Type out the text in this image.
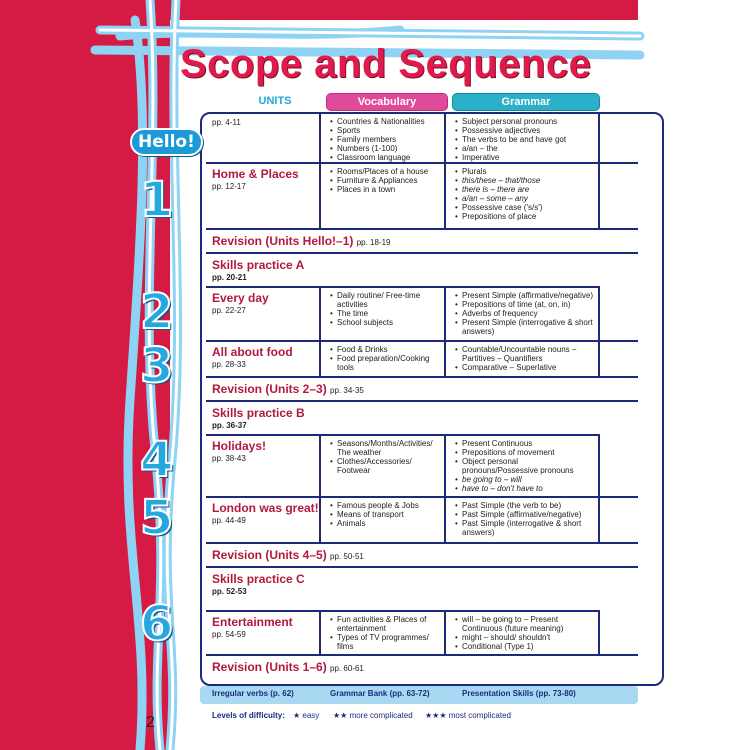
Scope and Sequence
UNITS	Vocabulary	Grammar
pp. 4-11
•	Countries & Nationalities
• Sports
• Family members
• Numbers (1-100)
• Classroom language
• Subject personal pronouns
• Possessive adjectives
• The verbs to be and have got
• a/an – the
• Imperative
Home & Places
pp. 12-17
• Rooms/Places of a house
• Furniture & Appliances
• Places in a town
• Plurals
• this/these – that/those
• there is – there are
• a/an – some – any
• Possessive case ('s/s')
• Prepositions of place
Revision (Units Hello!–1) pp. 18-19
Skills practice A
pp. 20-21
Every day
pp. 22-27
• Daily routine/ Free-time activities
• The time
• School subjects
• Present Simple (affirmative/negative)
• Prepositions of time (at, on, in)
• Adverbs of frequency
• Present Simple (interrogative & short answers)
All about food
pp. 28-33
• Food & Drinks
• Food preparation/Cooking tools
• Countable/Uncountable nouns – Partitives – Quantifiers
• Comparative – Superlative
Revision (Units 2–3) pp. 34-35
Skills practice B
pp. 36-37
Holidays!
pp. 38-43
• Seasons/Months/Activities/ The weather
• Clothes/Accessories/ Footwear
• Present Continuous
• Prepositions of movement
• Object personal pronouns/Possessive pronouns
• be going to – will
• have to – don't have to
London was great!
pp. 44-49
• Famous people & Jobs
• Means of transport
• Animals
• Past Simple (the verb to be)
• Past Simple (affirmative/negative)
• Past Simple (interrogative & short answers)
Revision (Units 4–5) pp. 50-51
Skills practice C
pp. 52-53
Entertainment
pp. 54-59
• Fun activities & Places of entertainment
• Types of TV programmes/ films
• will – be going to – Present Continuous (future meaning)
• might – should/ shouldn't
• Conditional (Type 1)
Revision (Units 1–6) pp. 60-61
Hello!
1
2
3
4
5
6
Irregular verbs (p. 62)	Grammar Bank (pp. 63-72)	Presentation Skills (pp. 73-80)
Levels of difficulty: ★ easy ★★ more complicated ★★★ most complicated
2
